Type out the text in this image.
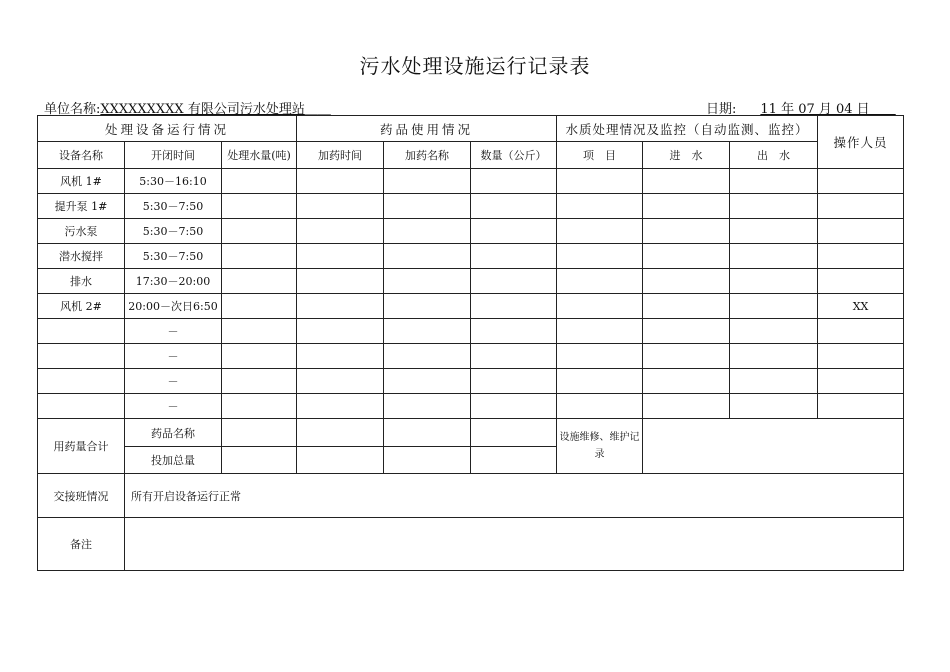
污水处理设施运行记录表
单位名称:XXXXXXXXX 有限公司污水处理站＿＿	日期: 11 年 07 月 04 日＿＿
处理设备运行情况			药品使用情况			水质处理情况及监控（自动监测、监控）			操作人员
设备名称	开闭时间	处理水量(吨)	加药时间	加药名称	数量（公斤）	项　目	进　水	出　水	
风机 1#	5:30－16:10								
提升泵 1#	5:30－7:50								
污水泵	5:30－7:50								
潜水搅拌	5:30－7:50								
排水	17:30－20:00								
风机 2#	20:00－次日6:50								XX
	－								
	－								
	－								
	－								
用药量合计	药品名称					设施维修、维护记录			
	投加总量								
交接班情况	所有开启设备运行正常								
备注									
